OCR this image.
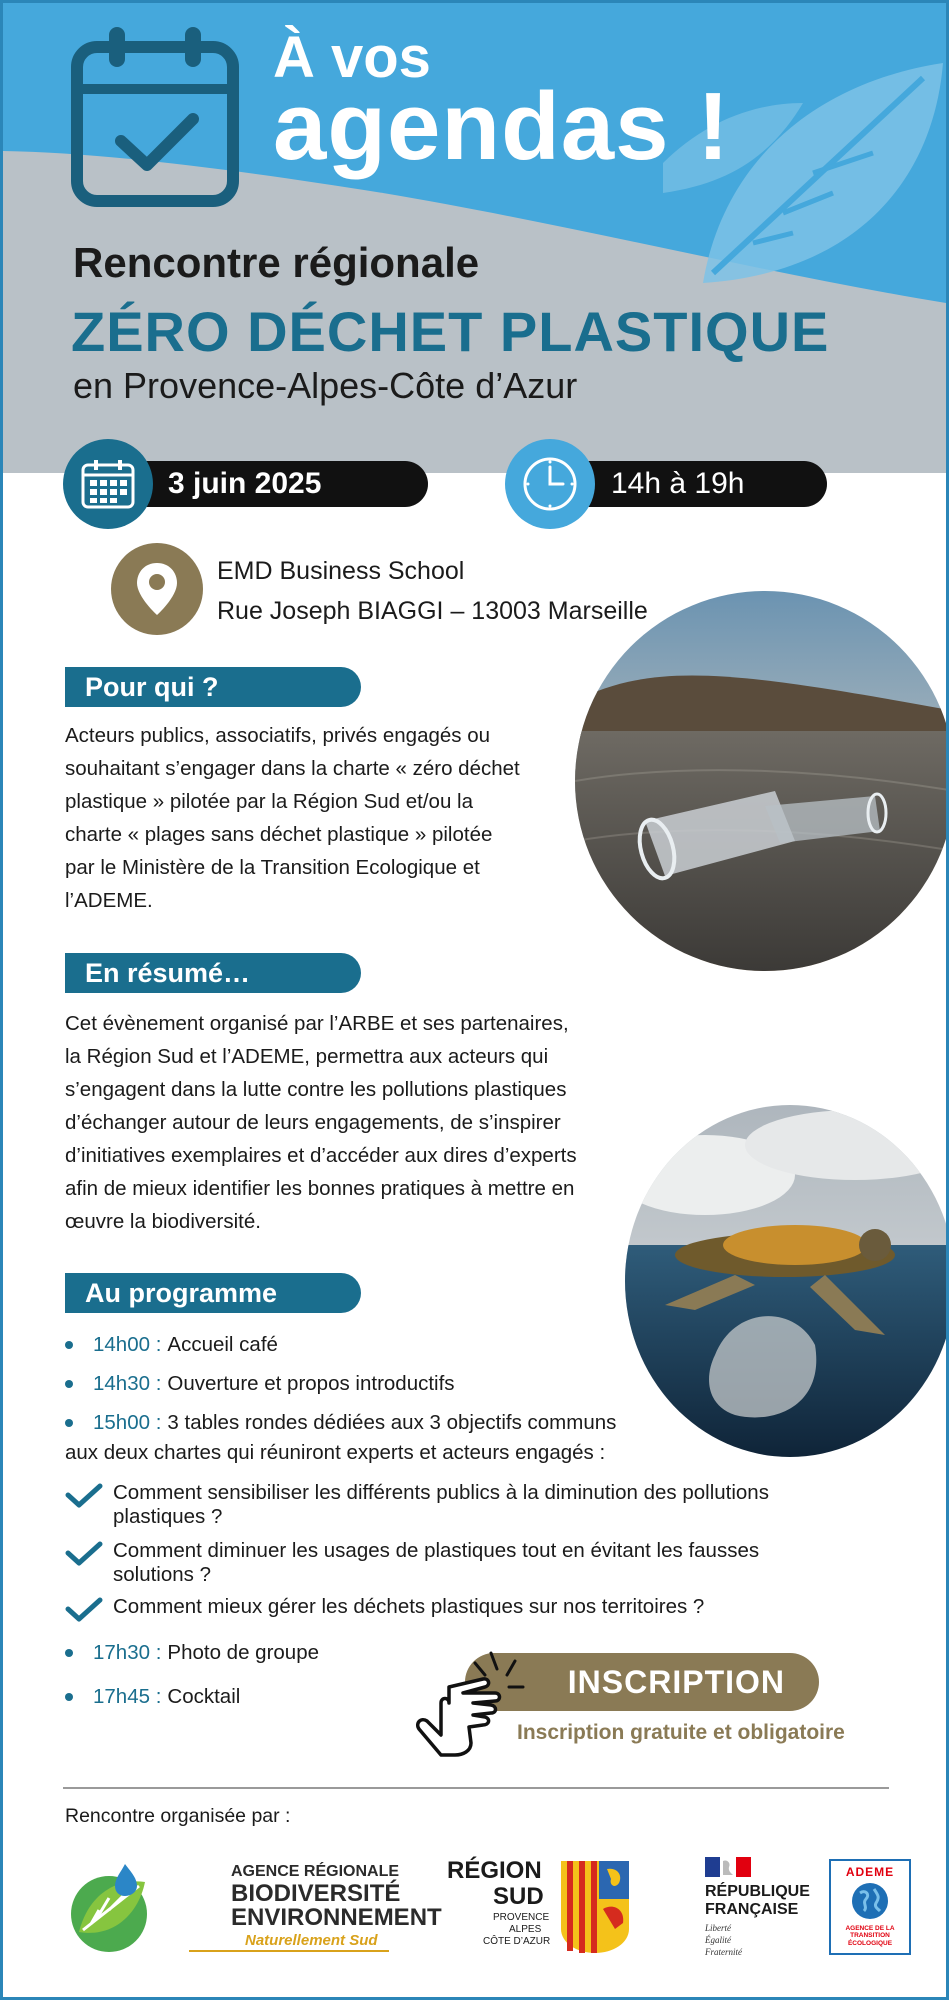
À vos
agendas !
Rencontre régionale
ZÉRO DÉCHET PLASTIQUE
en Provence-Alpes-Côte d’Azur
3 juin 2025	14h à 19h
EMD Business School
Rue Joseph BIAGGI – 13003 Marseille
Pour qui ?
Acteurs publics, associatifs, privés engagés ou
souhaitant s’engager dans la charte « zéro déchet
plastique » pilotée par la Région Sud et/ou la
charte « plages sans déchet plastique » pilotée
par le Ministère de la Transition Ecologique et
l’ADEME.
En résumé…
Cet évènement organisé par l’ARBE et ses partenaires,
la Région Sud et l’ADEME, permettra aux acteurs qui
s’engagent dans la lutte contre les pollutions plastiques
d’échanger autour de leurs engagements, de s’inspirer
d’initiatives exemplaires et d’accéder aux dires d’experts
afin de mieux identifier les bonnes pratiques à mettre en
œuvre la biodiversité.
Au programme
14h00 : Accueil café
14h30 : Ouverture et propos introductifs
15h00 : 3 tables rondes dédiées aux 3 objectifs communs
aux deux chartes qui réuniront experts et acteurs engagés :
Comment sensibiliser les différents publics à la diminution des pollutions
plastiques ?
Comment diminuer les usages de plastiques tout en évitant les fausses
solutions ?
Comment mieux gérer les déchets plastiques sur nos territoires ?
17h30 : Photo de groupe
17h45 : Cocktail	INSCRIPTION
Inscription gratuite et obligatoire
Rencontre organisée par :
AGENCE RÉGIONALE
BIODIVERSITÉ
ENVIRONNEMENT
Naturellement Sud
RÉGION
SUD
PROVENCE
ALPES
CÔTE D’AZUR
RÉPUBLIQUE
FRANÇAISE
Liberté
Égalité
Fraternité
ADEME
AGENCE DE LA
TRANSITION
ÉCOLOGIQUE
